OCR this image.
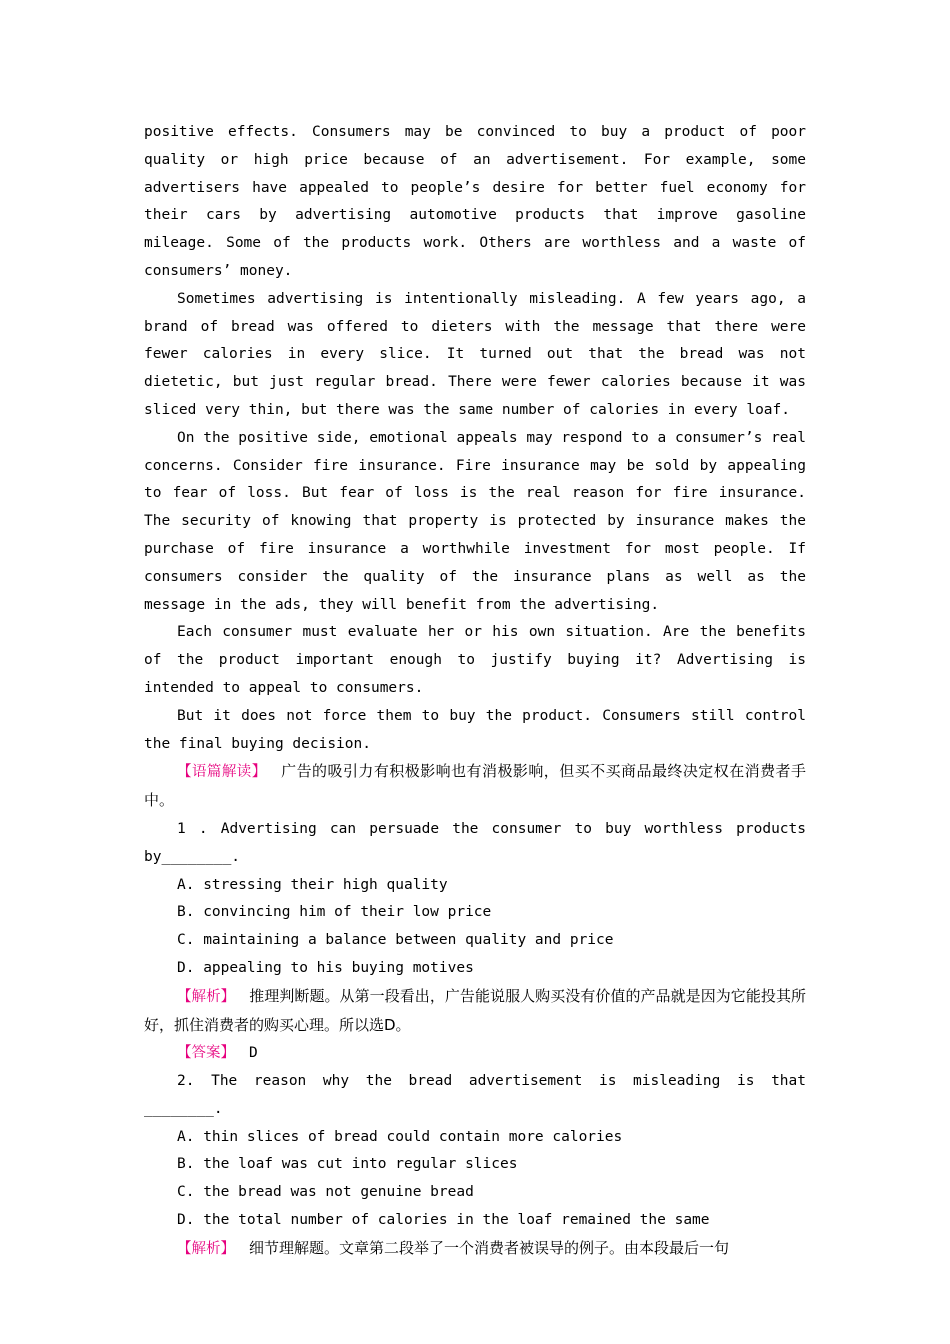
positive effects. Consumers may be convinced to buy a product of poor quality or high price because of an advertisement. For example, some advertisers have appealed to people’s desire for better fuel economy for their cars by advertising automotive products that improve gasoline mileage. Some of the products work. Others are worthless and a waste of consumers’ money.

Sometimes advertising is intentionally misleading. A few years ago, a brand of bread was offered to dieters with the message that there were fewer calories in every slice. It turned out that the bread was not dietetic, but just regular bread. There were fewer calories because it was sliced very thin, but there was the same number of calories in every loaf.

On the positive side, emotional appeals may respond to a consumer’s real concerns. Consider fire insurance. Fire insurance may be sold by appealing to fear of loss. But fear of loss is the real reason for fire insurance. The security of knowing that property is protected by insurance makes the purchase of fire insurance a worthwhile investment for most people. If consumers consider the quality of the insurance plans as well as the message in the ads, they will benefit from the advertising.

Each consumer must evaluate her or his own situation. Are the benefits of the product important enough to justify buying it? Advertising is intended to appeal to consumers.

But it does not force them to buy the product. Consumers still control the final buying decision.

【语篇解读】 广告的吸引力有积极影响也有消极影响，但买不买商品最终决定权在消费者手中。

1 . Advertising can persuade the consumer to buy worthless products by________.

A. stressing their high quality

B. convincing him of their low price

C. maintaining a balance between quality and price

D. appealing to his buying motives

【解析】 推理判断题。从第一段看出，广告能说服人购买没有价值的产品就是因为它能投其所好，抓住消费者的购买心理。所以选D。

【答案】 D

2. The reason why the bread advertisement is misleading is that ________.

A. thin slices of bread could contain more calories

B. the loaf was cut into regular slices

C. the bread was not genuine bread

D. the total number of calories in the loaf remained the same

【解析】 细节理解题。文章第二段举了一个消费者被误导的例子。由本段最后一句
